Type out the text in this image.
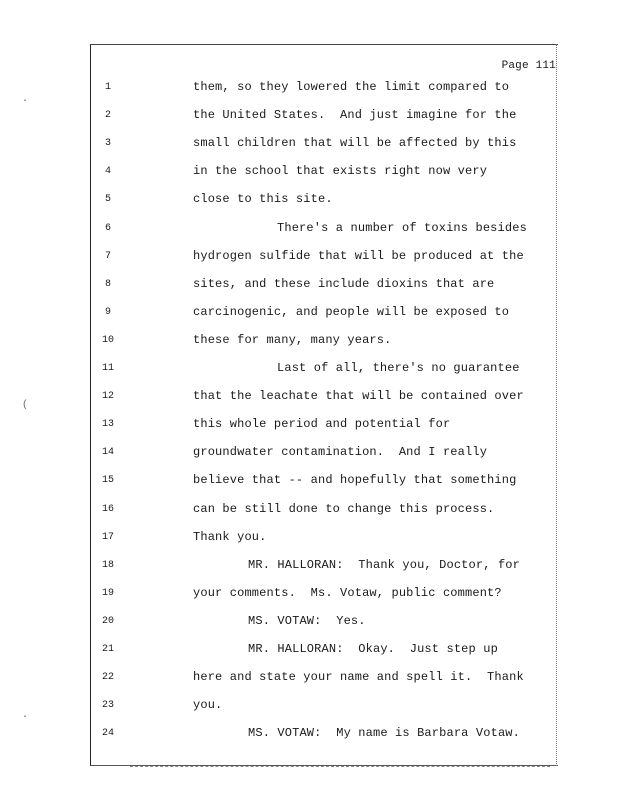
Page 111
1	them, so they lowered the limit compared to
2	the United States.  And just imagine for the
3	small children that will be affected by this
4	in the school that exists right now very
5	close to this site.
6	There's a number of toxins besides
7	hydrogen sulfide that will be produced at the
8	sites, and these include dioxins that are
9	carcinogenic, and people will be exposed to
10	these for many, many years.
11	Last of all, there's no guarantee
12	that the leachate that will be contained over
13	this whole period and potential for
14	groundwater contamination.  And I really
15	believe that -- and hopefully that something
16	can be still done to change this process.
17	Thank you.
18	MR. HALLORAN:  Thank you, Doctor, for
19	your comments.  Ms. Votaw, public comment?
20	MS. VOTAW:  Yes.
21	MR. HALLORAN:  Okay.  Just step up
22	here and state your name and spell it.  Thank
23	you.
24	MS. VOTAW:  My name is Barbara Votaw.
·
(
·
